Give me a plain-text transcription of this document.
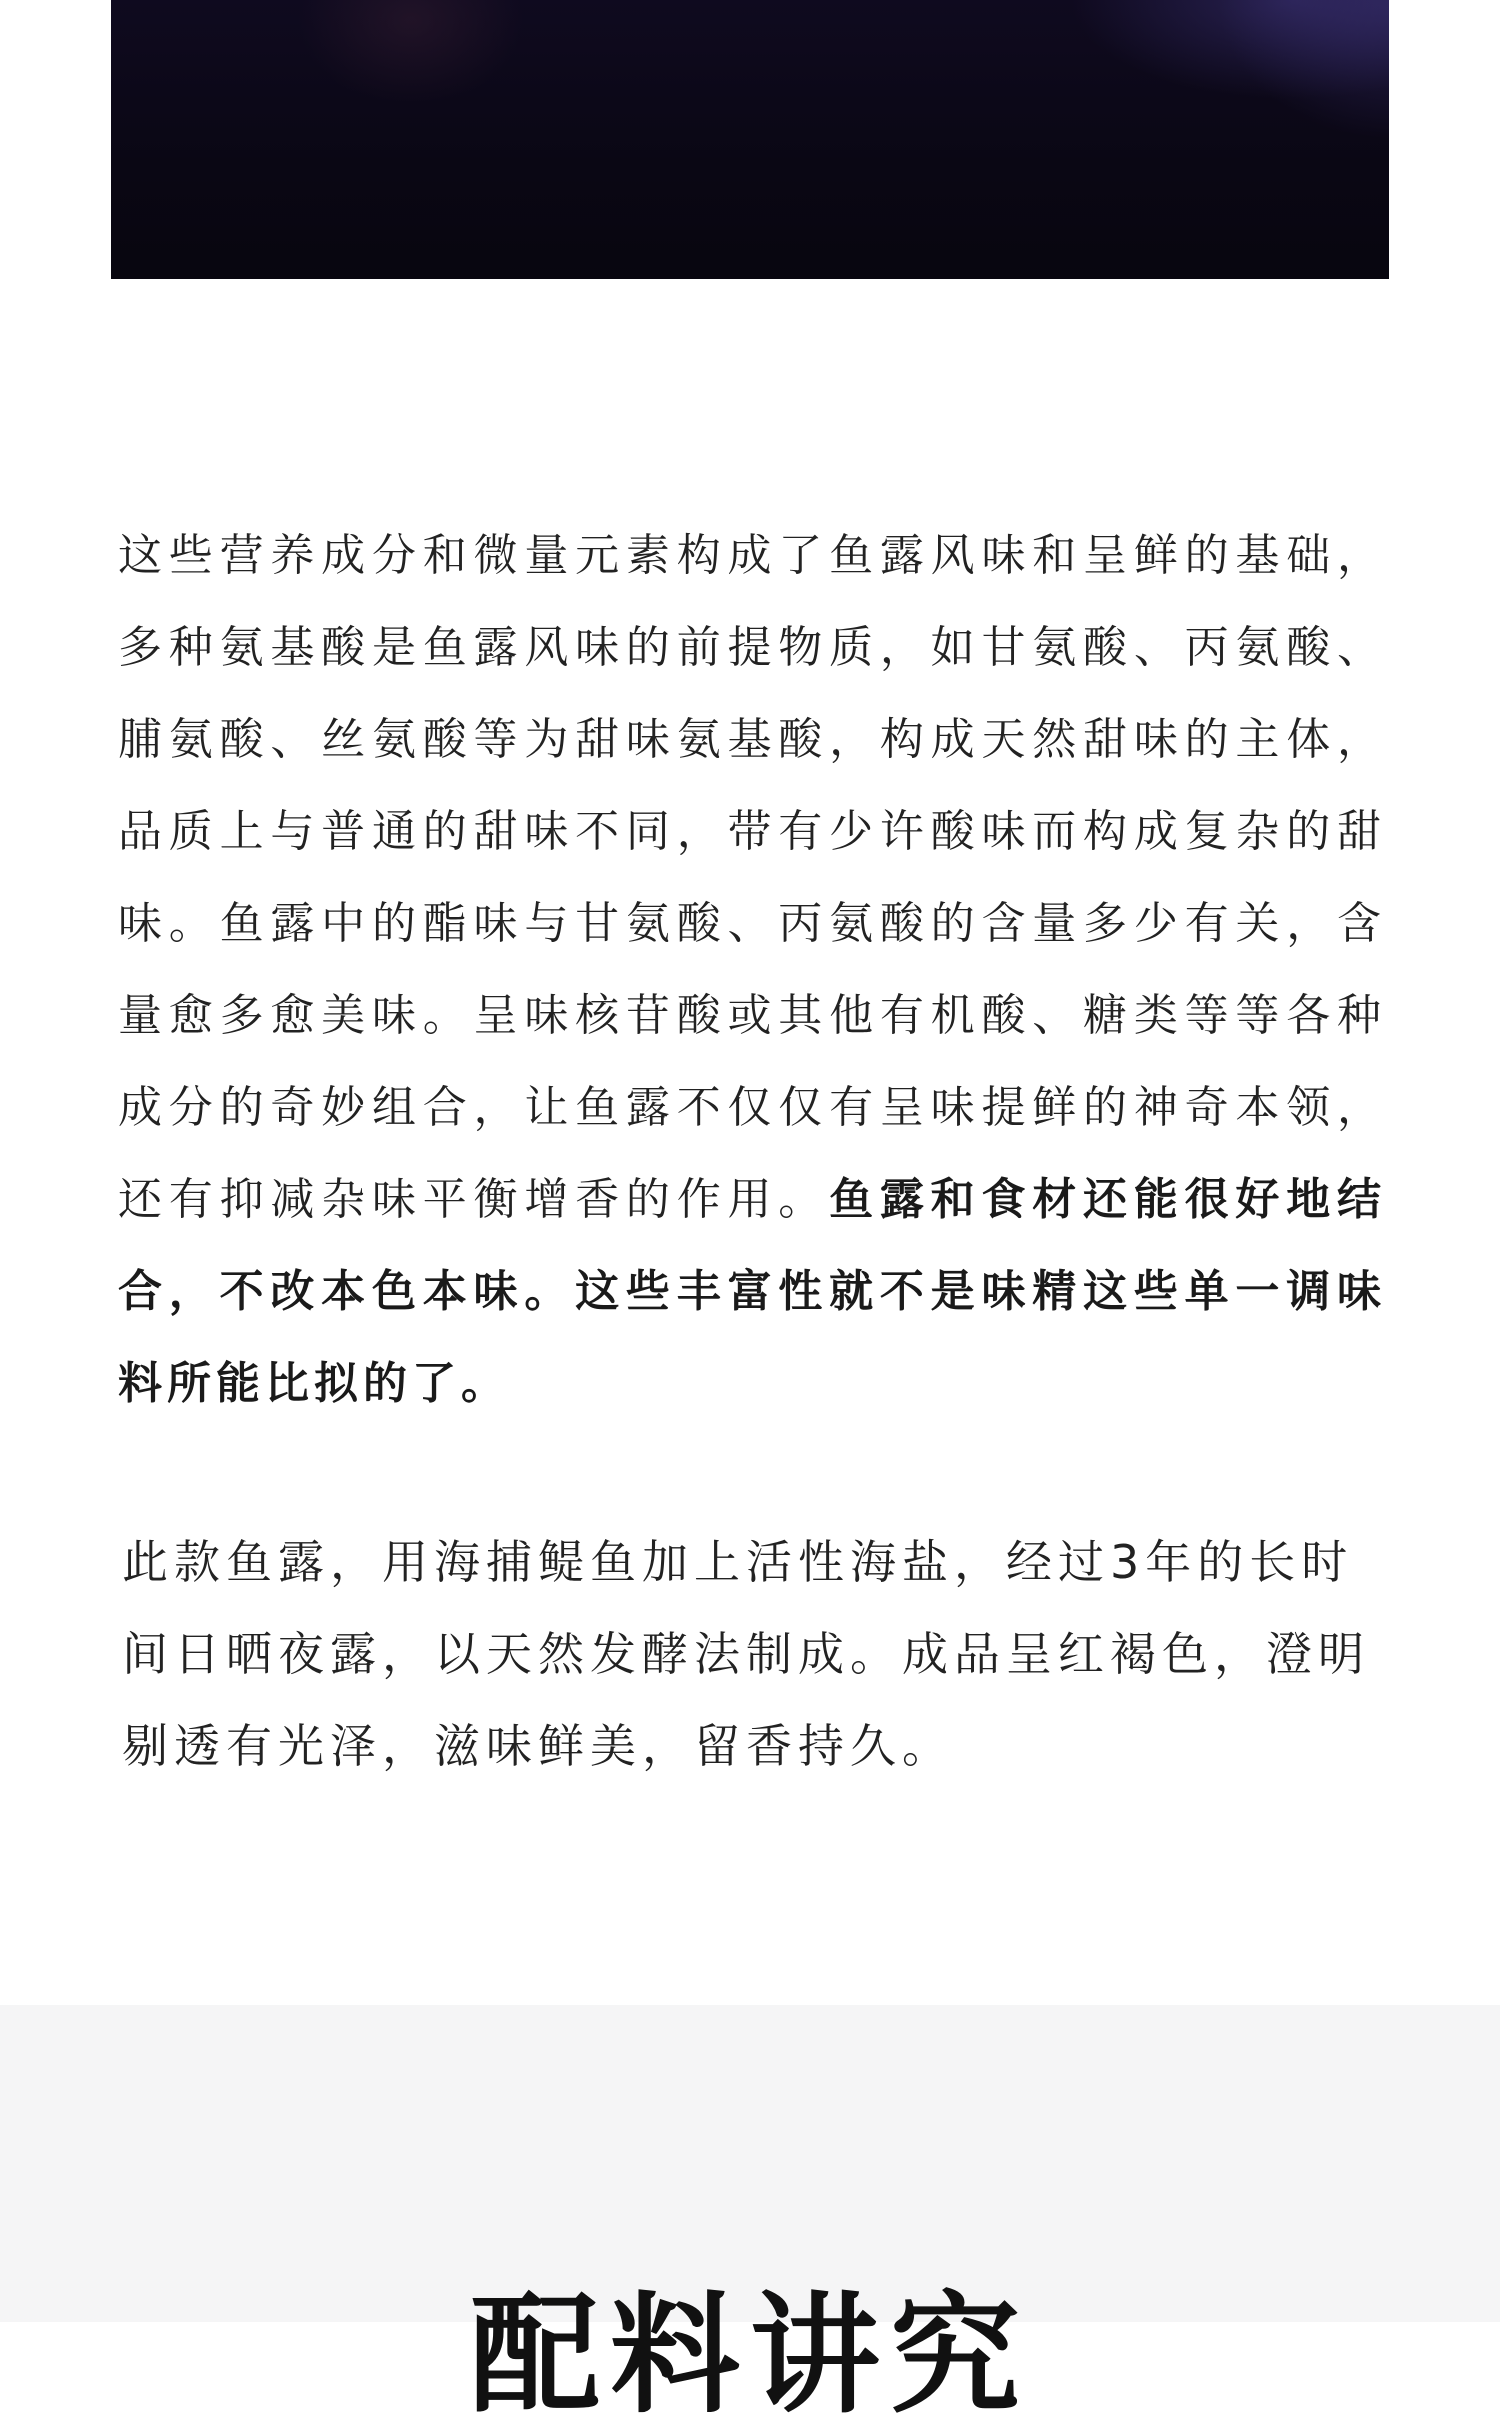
这些营养成分和微量元素构成了鱼露风味和呈鲜的基础，多种氨基酸是鱼露风味的前提物质，如甘氨酸、丙氨酸、脯氨酸、丝氨酸等为甜味氨基酸，构成天然甜味的主体，品质上与普通的甜味不同，带有少许酸味而构成复杂的甜味。鱼露中的酯味与甘氨酸、丙氨酸的含量多少有关，含量愈多愈美味。呈味核苷酸或其他有机酸、糖类等等各种成分的奇妙组合，让鱼露不仅仅有呈味提鲜的神奇本领，还有抑减杂味平衡增香的作用。鱼露和食材还能很好地结合，不改本色本味。这些丰富性就不是味精这些单一调味料所能比拟的了。

此款鱼露，用海捕鳀鱼加上活性海盐，经过3年的长时间日晒夜露，以天然发酵法制成。成品呈红褐色，澄明剔透有光泽，滋味鲜美，留香持久。

配料讲究
